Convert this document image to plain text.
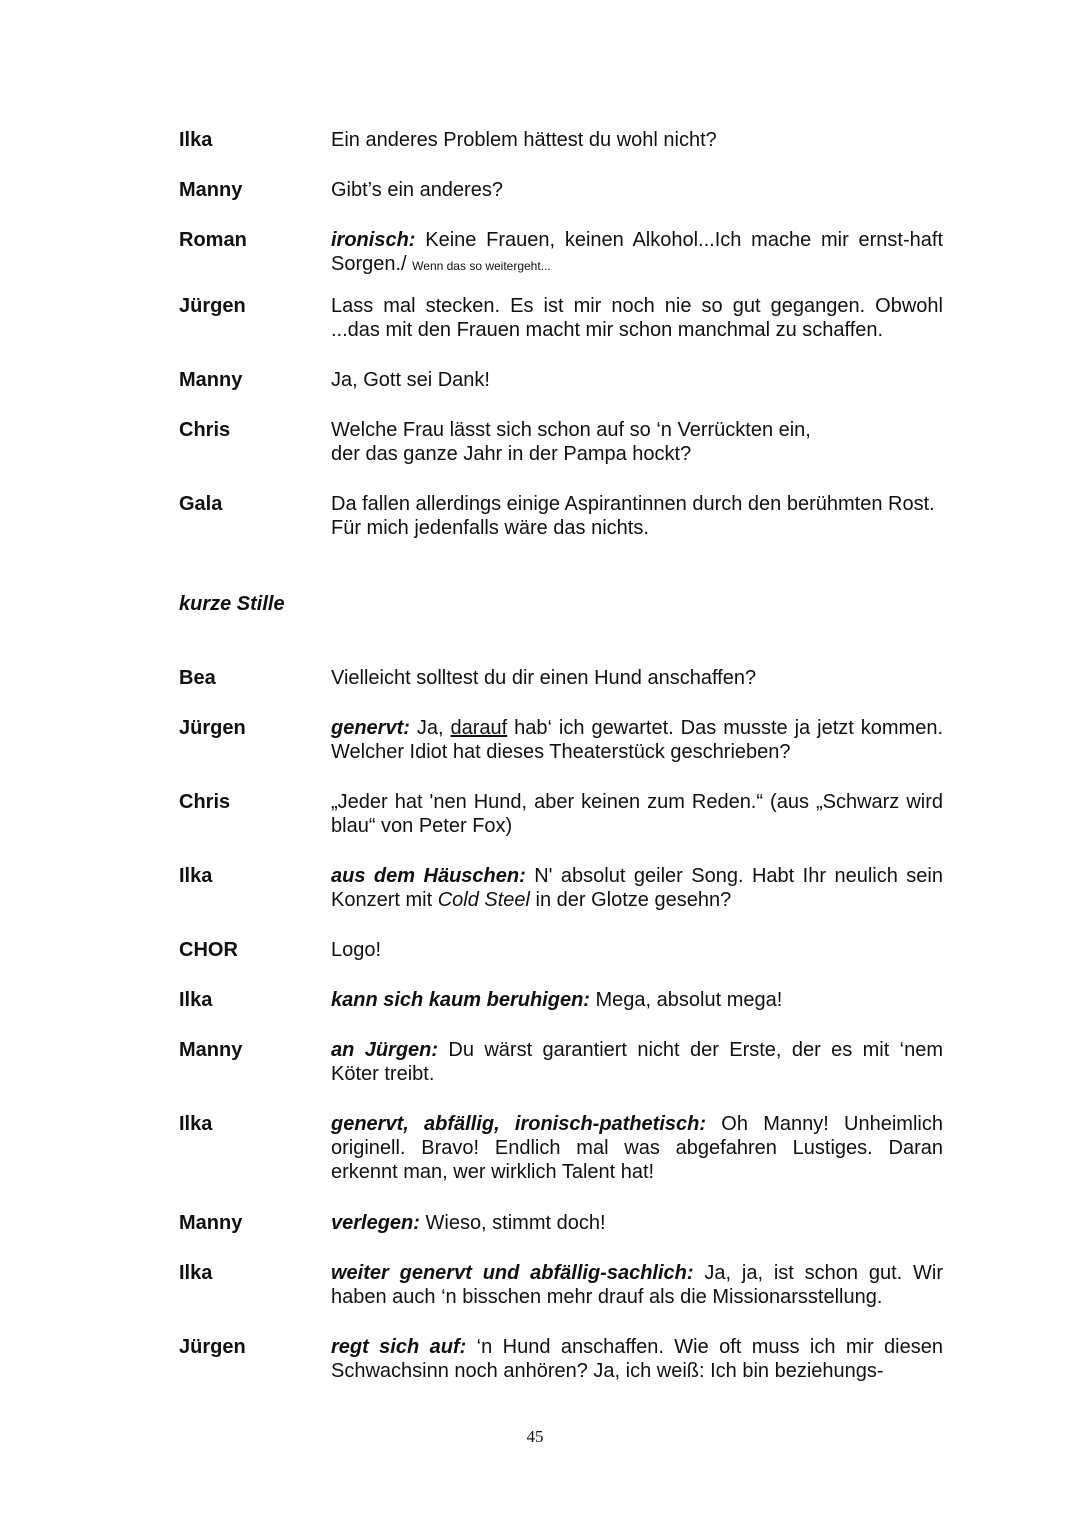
Ilka	Ein anderes Problem hättest du wohl nicht?
Manny	Gibt’s ein anderes?
Roman	ironisch: Keine Frauen, keinen Alkohol...Ich mache mir ernst-haft Sorgen./ Wenn das so weitergeht...
Jürgen	Lass mal stecken. Es ist mir noch nie so gut gegangen. Obwohl ...das mit den Frauen macht mir schon manchmal zu schaffen.
Manny	Ja, Gott sei Dank!
Chris	Welche Frau lässt sich schon auf so ‘n Verrückten ein,
der das ganze Jahr in der Pampa hockt?
Gala	Da fallen allerdings einige Aspirantinnen durch den berühmten Rost. Für mich jedenfalls wäre das nichts.
kurze Stille
Bea	Vielleicht solltest du dir einen Hund anschaffen?
Jürgen	genervt: Ja, darauf hab‘ ich gewartet. Das musste ja jetzt kommen. Welcher Idiot hat dieses Theaterstück geschrieben?
Chris	„Jeder hat 'nen Hund, aber keinen zum Reden.“ (aus „Schwarz wird blau“ von Peter Fox)
Ilka	aus dem Häuschen: N' absolut geiler Song. Habt Ihr neulich sein Konzert mit Cold Steel in der Glotze gesehn?
CHOR	Logo!
Ilka	kann sich kaum beruhigen: Mega, absolut mega!
Manny	an Jürgen: Du wärst garantiert nicht der Erste, der es mit ‘nem Köter treibt.
Ilka	genervt, abfällig, ironisch-pathetisch: Oh Manny! Unheimlich originell. Bravo! Endlich mal was abgefahren Lustiges. Daran erkennt man, wer wirklich Talent hat!
Manny	verlegen: Wieso, stimmt doch!
Ilka	weiter genervt und abfällig-sachlich: Ja, ja, ist schon gut. Wir haben auch ‘n bisschen mehr drauf als die Missionarsstellung.
Jürgen	regt sich auf: ‘n Hund anschaffen. Wie oft muss ich mir diesen Schwachsinn noch anhören? Ja, ich weiß: Ich bin beziehungs-
45
